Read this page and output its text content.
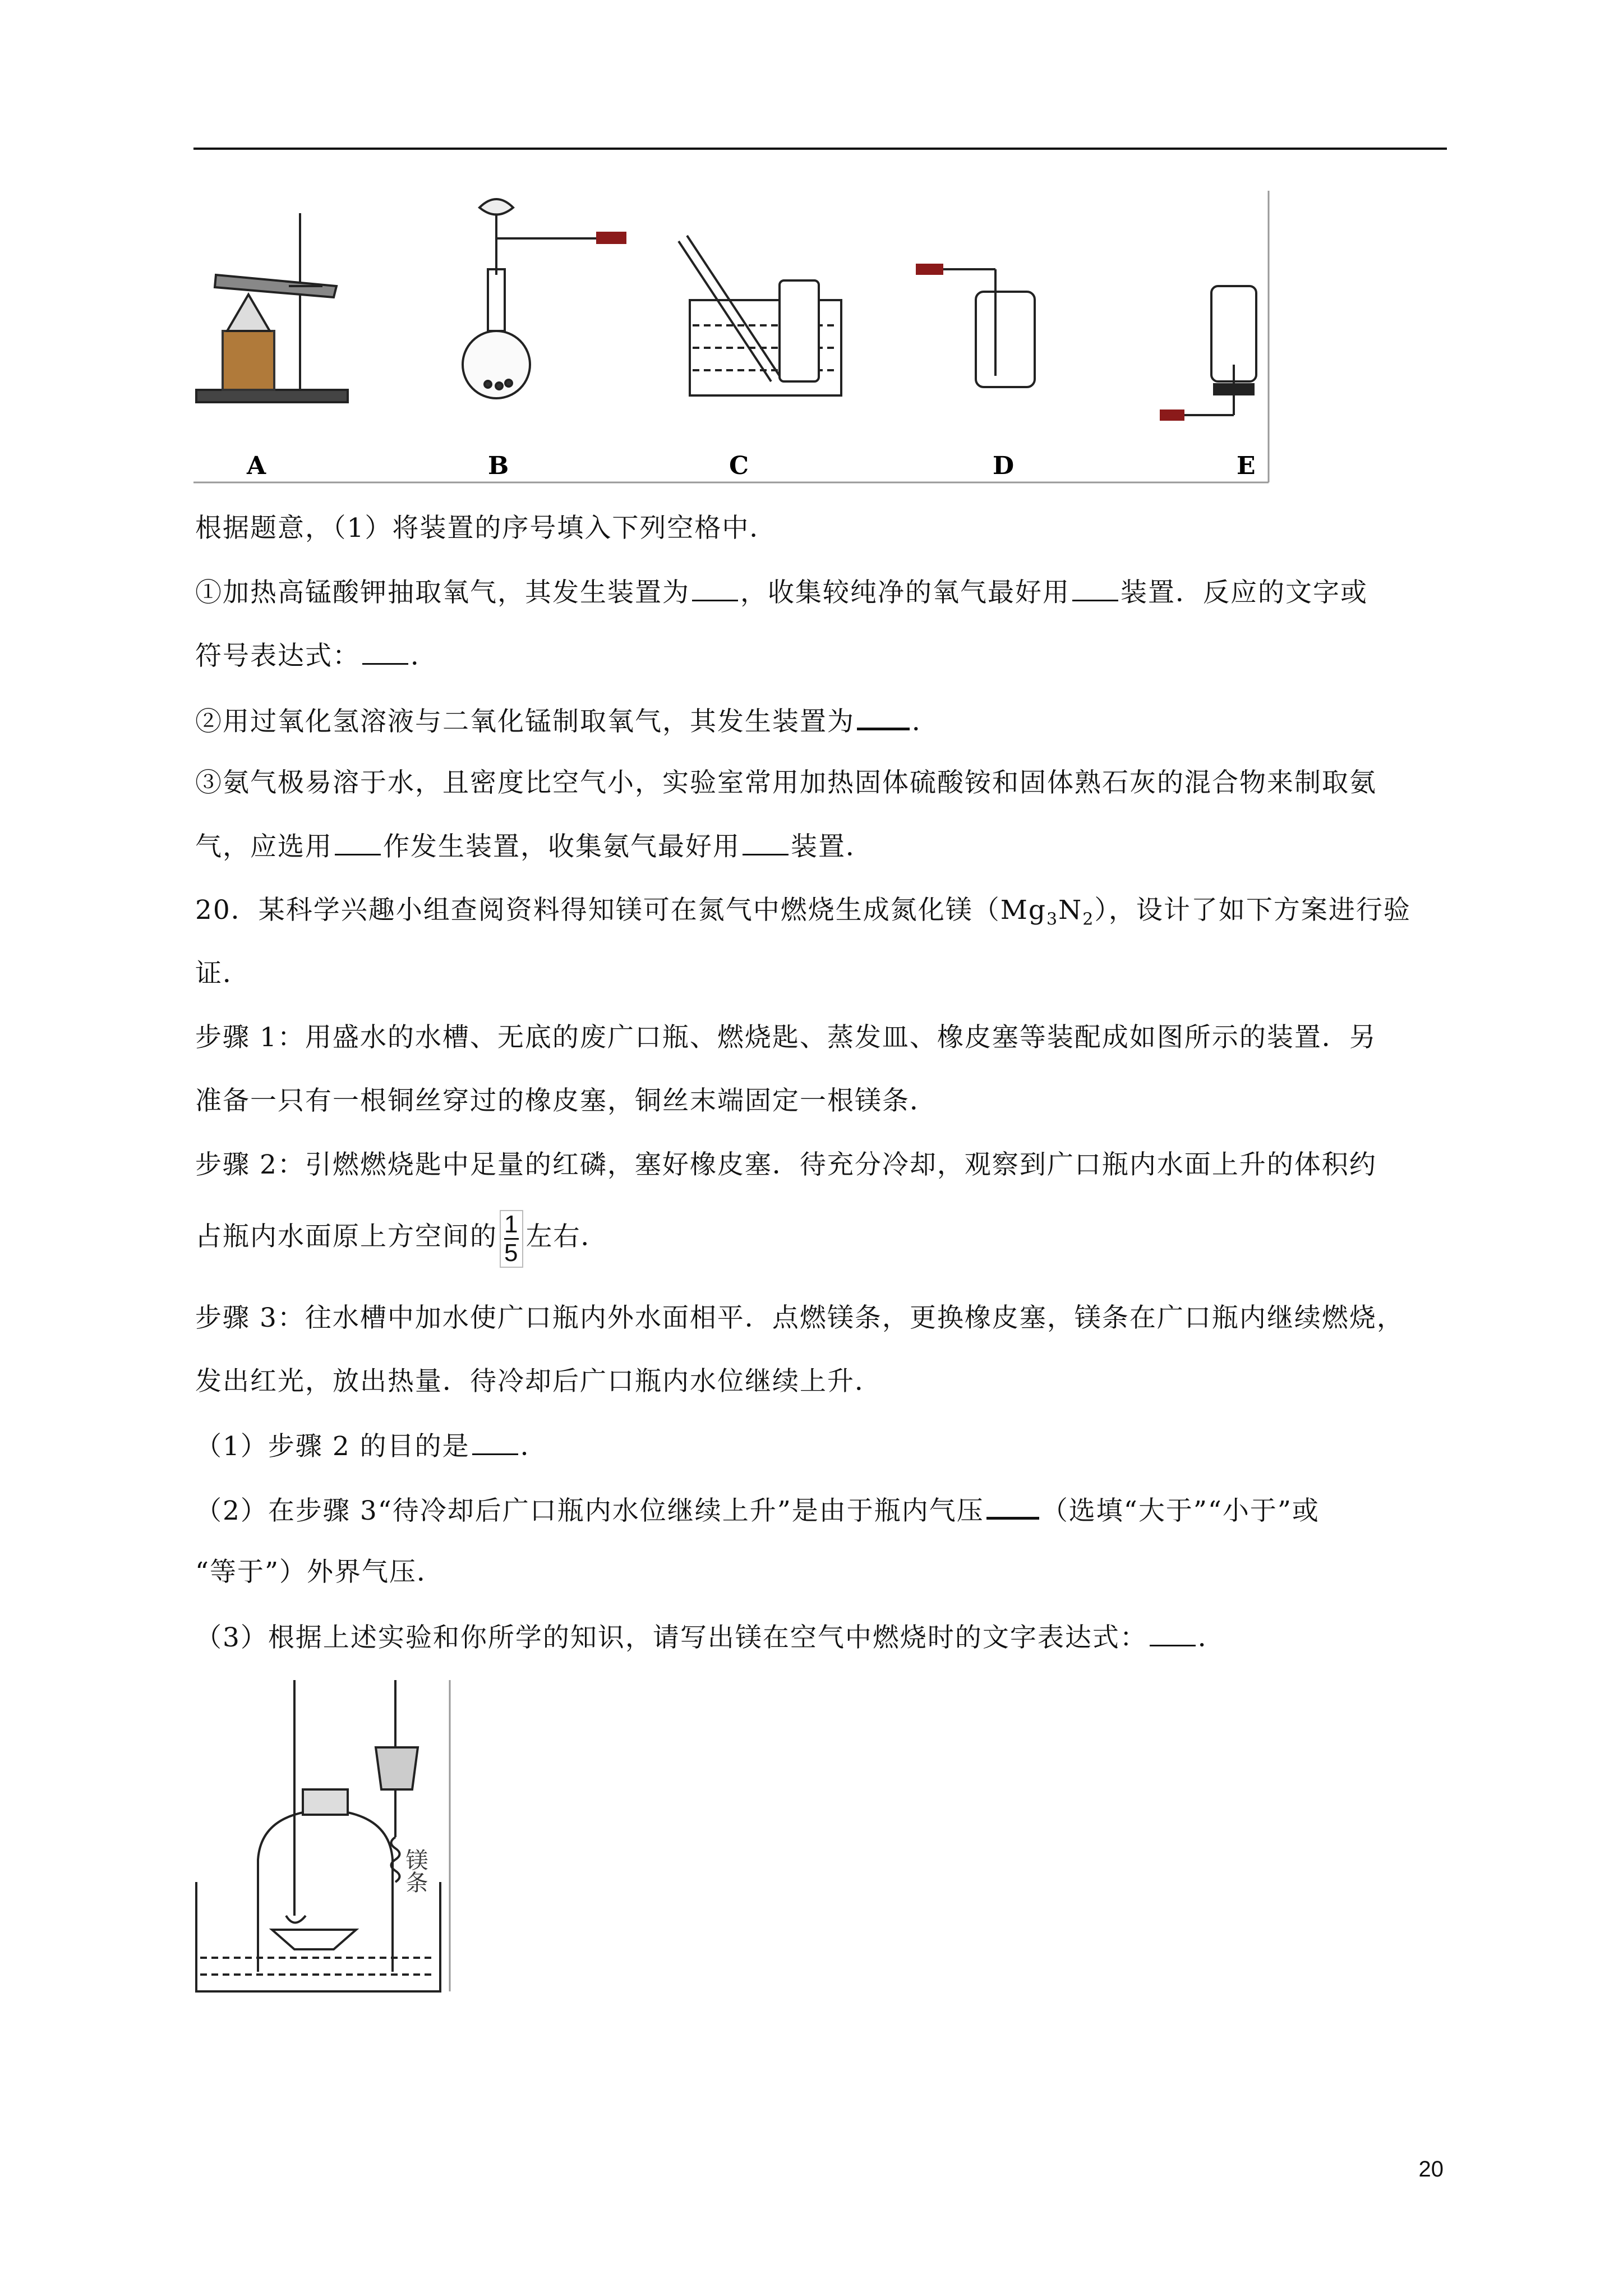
A	B	C	D	E
根据题意，（1）将装置的序号填入下列空格中．
①加热高锰酸钾抽取氧气，其发生装置为 ，收集较纯净的氧气最好用 装置．反应的文字或
符号表达式： ．
②用过氧化氢溶液与二氧化锰制取氧气，其发生装置为 ．
③氨气极易溶于水，且密度比空气小，实验室常用加热固体硫酸铵和固体熟石灰的混合物来制取氨
气，应选用 作发生装置，收集氨气最好用 装置．
20．某科学兴趣小组查阅资料得知镁可在氮气中燃烧生成氮化镁$(Mg_3N_2)$，设计了如下方案进行验
证．
步骤 1：用盛水的水槽、无底的废广口瓶、燃烧匙、蒸发皿、橡皮塞等装配成如图所示的装置．另
准备一只有一根铜丝穿过的橡皮塞，铜丝末端固定一根镁条．
步骤 2：引燃燃烧匙中足量的红磷，塞好橡皮塞．待充分冷却，观察到广口瓶内水面上升的体积约
占瓶内水面原上方空间的 $\frac{1}{5}$ 左右．
步骤 3：往水槽中加水使广口瓶内外水面相平．点燃镁条，更换橡皮塞，镁条在广口瓶内继续燃烧，
发出红光，放出热量．待冷却后广口瓶内水位继续上升．
（1）步骤 2 的目的是 ．
（2）在步骤 3“待冷却后广口瓶内水位继续上升”是由于瓶内气压 （选填“大于”“小于”或
“等于”）外界气压．
（3）根据上述实验和你所学的知识，请写出镁在空气中燃烧时的文字表达式： ．
镁条
20
